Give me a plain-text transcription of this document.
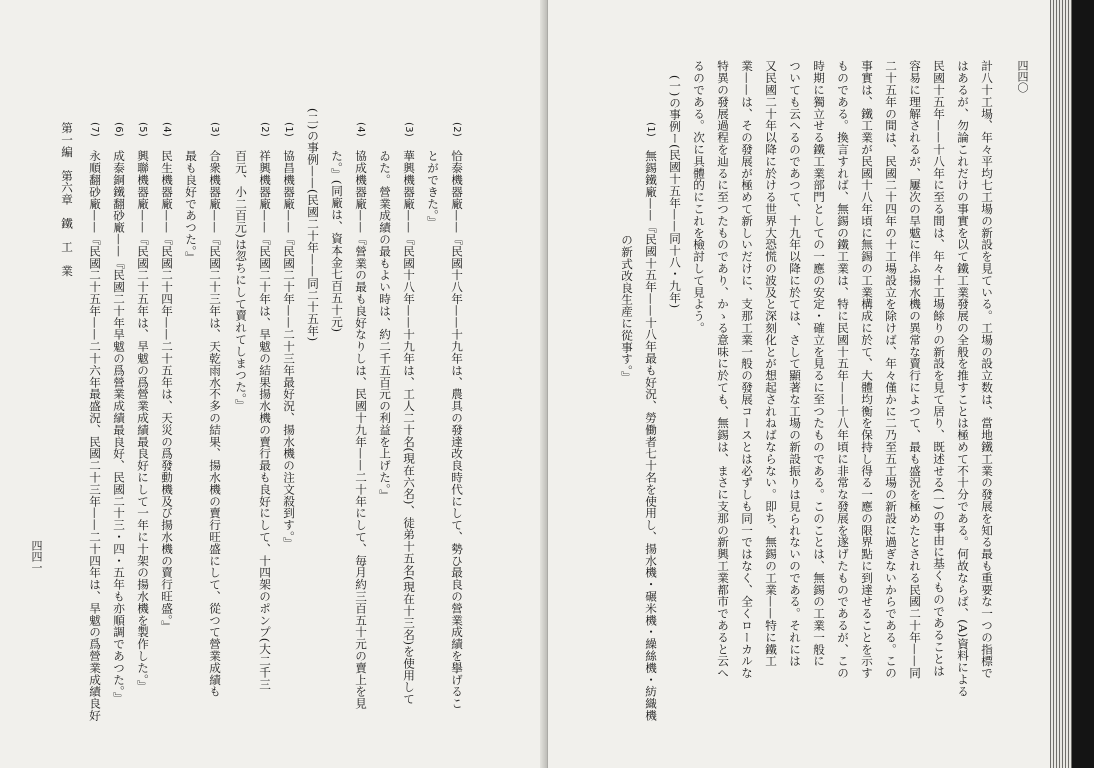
四四一
第一編　第六章　鐵　工　業 (7)
永順翻砂廠——『民國二十五年——二十六年最盛況、民國二十三年——二十四年は、旱魃の爲營業成績良好
(6)
成泰銅鐵翻砂廠——『民國二十年旱魃の爲營業成績最良好、民國二十三・四・五年も亦順調であつた。』
(5)
興聯機器廠——『民國二十五年は、旱魃の爲營業成績最良好にして一年に十架の揚水機を製作した。』
(4)
民生機器廠——『民國二十四年——二十五年は、天災の爲發動機及び揚水機の賣行旺盛。』 最も良好であつた。』
(3)
合衆機器廠——『民國二十三年は、天乾雨水不多の結果、揚水機の賣行旺盛にして、從つて營業成績も 百元、小二百元)は忽ちにして賣れてしまつた。』
(2)
祥興機器廠——『民國二十年は、旱魃の結果揚水機の賣行最も良好にして、十四架のポンプ(大二千三
(1)
協昌機器廠——『民國二十年——二十三年最好況、揚水機の注文殺到す。』 (二)の事例——(民國二十年——同二十五年) た。』(同廠は、資本金七百五十元)
(4)
協成機器廠——『營業の最も良好なりしは、民國十九年——二十年にして、毎月約三百五十元の賣上を見 ゐた。營業成績の最もよい時は、約二千五百元の利益を上げた。』
(3)
華興機器廠——『民國十八年——十九年は、工人二十名(現在六名)、徒弟十五名(現在十三名)を使用して とができた。』
(2)
恰泰機器廠——『民國十八年——十九年は、農具の發達改良時代にして、勢ひ最良の營業成績を擧げるこ
四四〇
計八十工場、年々平均七工場の新設を見ている。工場の設立数は、當地鐵工業の發展を知る最も重要な一つの指標で
はあるが、勿論これだけの事實を以て鐵工業發展の全般を推すことは極めて不十分である。何故ならば、(A)資料による
民國十五年——十八年に至る間は、年々十工場餘りの新設を見て居り、既述せる(一)の事由に基くものであることは
容易に理解されるが、屢次の旱魃に伴ふ揚水機の異常な賣行によつて、最も盛況を極めたとされる民國二十年——同
二十五年の間は、民國二十四年の十工場設立を除けば、年々僅かに二乃至五工場の新設に過ぎないからである。この
事實は、鐵工業が民國十八年頃に無錫の工業構成に於て、大體均衡を保持し得る一應の限界點に到達せることを示す
ものである。換言すれば、無錫の鐵工業は、特に民國十五年——十八年頃に非常な發展を遂げたものであるが、この
時期に獨立せる鐵工業部門としての一應の安定・確立を見るに至つたものである。このことは、無錫の工業一般に
ついても云へるのであつて、十九年以降に於ては、さして顯著な工場の新設振りは見られないのである。それには
又民國二十年以降に於ける世界大恐慌の波及と深刻化とが想起されねばならない。即ち、無錫の工業——特に鐵工
業——は、その發展が極めて新しいだけに、支那工業一般の發展コースとは必ずしも同一ではなく、全くローカルな
特異の發展過程を辿るに至つたものであり、かゝる意味に於ても、無錫は、まさに支那の新興工業都市であると云へ
るのである。次に具體的にこれを檢討して見よう。
(一)の事例ー(民國十五年——同十八・九年)
(1)
無錫鐵廠——『民國十五年——十八年最も好況、勞働者七十名を使用し、揚水機・碾米機・繰絲機・紡織機
の新式改良生産に從事す。』
